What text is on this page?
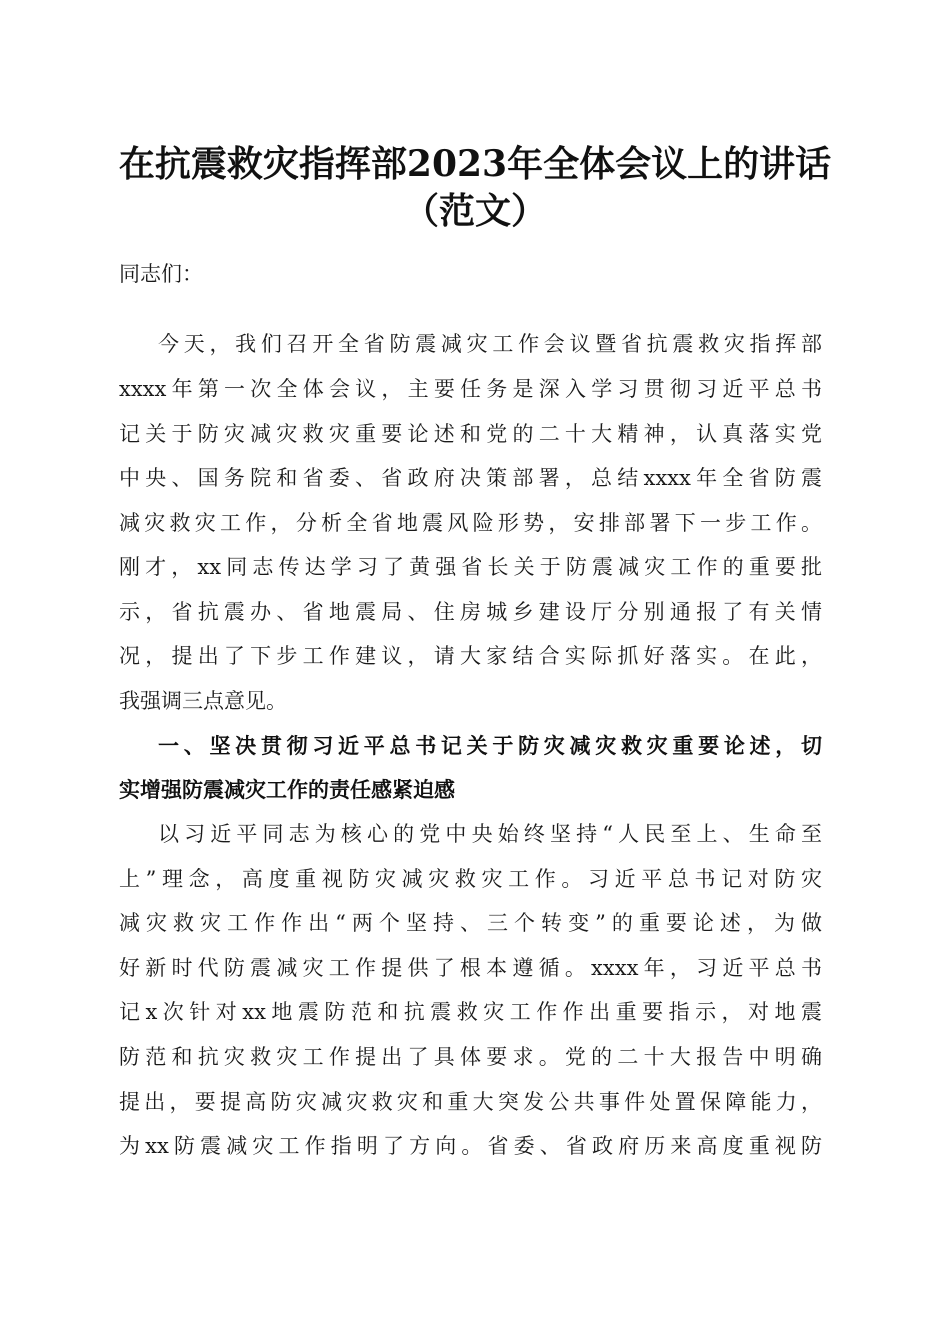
在抗震救灾指挥部2023年全体会议上的讲话
（范文）
同志们：
今天，我们召开全省防震减灾工作会议暨省抗震救灾指挥部
xxxx年第一次全体会议，主要任务是深入学习贯彻习近平总书
记关于防灾减灾救灾重要论述和党的二十大精神，认真落实党
中央、国务院和省委、省政府决策部署，总结xxxx年全省防震
减灾救灾工作，分析全省地震风险形势，安排部署下一步工作。
刚才，xx同志传达学习了黄强省长关于防震减灾工作的重要批
示，省抗震办、省地震局、住房城乡建设厅分别通报了有关情
况，提出了下步工作建议，请大家结合实际抓好落实。在此，
我强调三点意见。
一、坚决贯彻习近平总书记关于防灾减灾救灾重要论述，切
实增强防震减灾工作的责任感紧迫感
以习近平同志为核心的党中央始终坚持“人民至上、生命至
上”理念，高度重视防灾减灾救灾工作。习近平总书记对防灾
减灾救灾工作作出“两个坚持、三个转变”的重要论述，为做
好新时代防震减灾工作提供了根本遵循。xxxx年，习近平总书
记x次针对xx地震防范和抗震救灾工作作出重要指示，对地震
防范和抗灾救灾工作提出了具体要求。党的二十大报告中明确
提出，要提高防灾减灾救灾和重大突发公共事件处置保障能力，
为xx防震减灾工作指明了方向。省委、省政府历来高度重视防
